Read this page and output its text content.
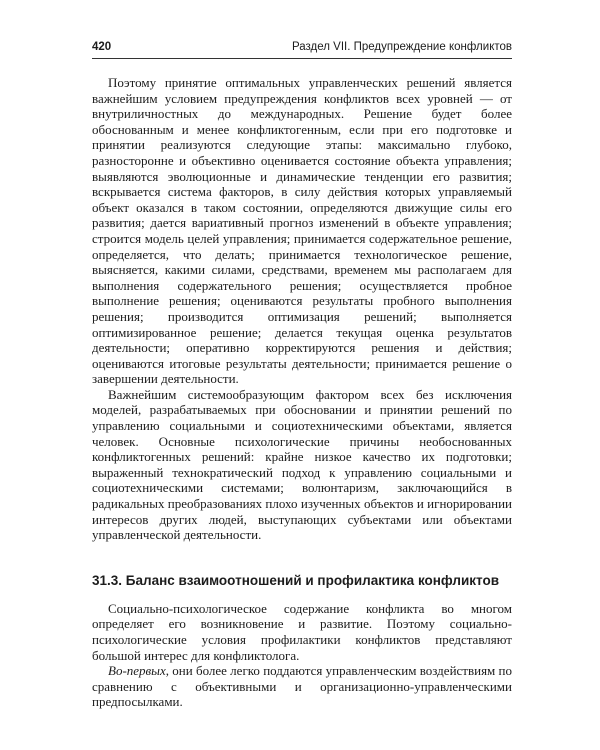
420	Раздел VII. Предупреждение конфликтов

Поэтому принятие оптимальных управленческих решений является важнейшим условием предупреждения конфликтов всех уровней — от внутриличностных до международных. Решение будет более обоснованным и менее конфликтогенным, если при его подготовке и принятии реализуются следующие этапы: максимально глубоко, разносторонне и объективно оценивается состояние объекта управления; выявляются эволюционные и динамические тенденции его развития; вскрывается система факторов, в силу действия которых управляемый объект оказался в таком состоянии, определяются движущие силы его развития; дается вариативный прогноз изменений в объекте управления; строится модель целей управления; принимается содержательное решение, определяется, что делать; принимается технологическое решение, выясняется, какими силами, средствами, временем мы располагаем для выполнения содержательного решения; осуществляется пробное выполнение решения; оцениваются результаты пробного выполнения решения; производится оптимизация решений; выполняется оптимизированное решение; делается текущая оценка результатов деятельности; оперативно корректируются решения и действия; оцениваются итоговые результаты деятельности; принимается решение о завершении деятельности.

Важнейшим системообразующим фактором всех без исключения моделей, разрабатываемых при обосновании и принятии решений по управлению социальными и социотехническими объектами, является человек. Основные психологические причины необоснованных конфликтогенных решений: крайне низкое качество их подготовки; выраженный технократический подход к управлению социальными и социотехническими системами; волюнтаризм, заключающийся в радикальных преобразованиях плохо изученных объектов и игнорировании интересов других людей, выступающих субъектами или объектами управленческой деятельности.

31.3. Баланс взаимоотношений и профилактика конфликтов

Социально-психологическое содержание конфликта во многом определяет его возникновение и развитие. Поэтому социально-психологические условия профилактики конфликтов представляют большой интерес для конфликтолога.

Во-первых, они более легко поддаются управленческим воздействиям по сравнению с объективными и организационно-управленческими предпосылками.
